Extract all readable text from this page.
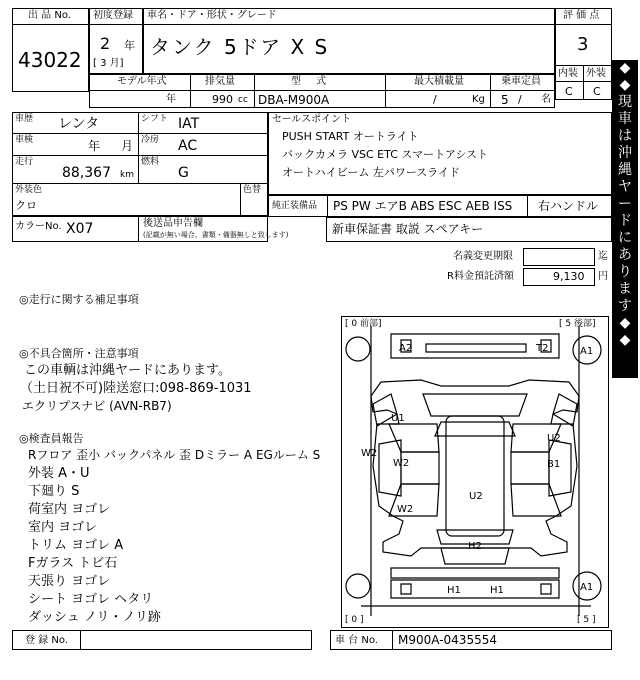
出 品 No.
43022
初度登録
2 年
[ 3 月]
車名・ドア・形状・グレード
タンク 5ドア X S
評 価 点
3
内装 外装
C C
モデル年式
年
排気量
990 cc
型 式
DBA-M900A
最大積載量
/	Kg
乗車定員
5 / 名
車歴 レンタ	シフト IAT
車検	年 月 冷房 AC
走行
88,367 km
燃料
G
外装色
クロ
色替
カラーNo. X07	後送品申告欄
(記載が無い場合、書類・備器無しと致します)
セールスポイント
PUSH START オートライト
バックカメラ VSC ETC スマートアシスト
オートハイビーム 左パワースライド
純正装備品 PS PW エアB ABS ESC AEB ISS 右ハンドル
新車保証書 取説 スペアキー
名義変更期限	迄
R料金預託済額	9,130 円
◎走行に関する補足事項
◎不具合箇所・注意事項
この車輌は沖縄ヤードにあります。
（土日祝不可)陸送窓口:098-869-1031
エクリプスナビ (AVN-RB7)
◎検査員報告
Rフロア 歪小 バックパネル 歪 Dミラー A EGルーム S
外装 A・U
下廻り S
荷室内 ヨゴレ
室内 ヨゴレ
トリム ヨゴレ A
Fガラス トビ石
天張り ヨゴレ
シート ヨゴレ ヘタリ
ダッシュ ノリ・ノリ跡
[ 0 前部]	[ 5 後部]
[ 0 ]	[ 5 ]
A2	T2	A1
U1
W2
W2
W2
U2
U2
B1
H2
H1	H1	A1
登 録 No.	車 台 No. M900A-0435554
◆
◆
現
車
は
沖
縄
ヤ
ー
ド
に
あ
り
ま
す
◆
◆
